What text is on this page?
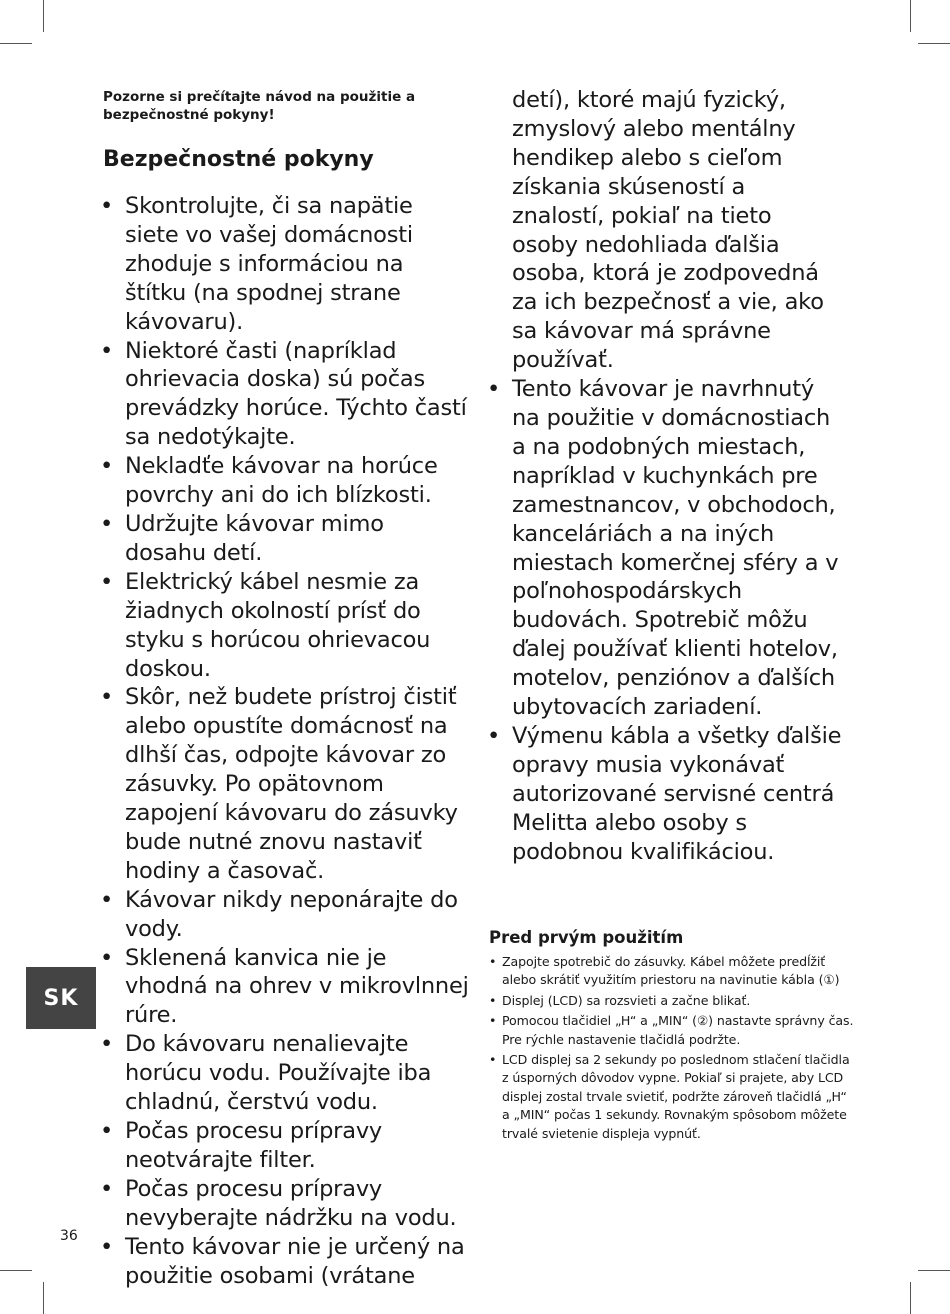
Pozorne si prečítajte návod na použitie a bezpečnostné pokyny!
Bezpečnostné pokyny
• Skontrolujte, či sa napätie siete vo vašej domácnosti zhoduje s informáciou na štítku (na spodnej strane kávovaru).
• Niektoré časti (napríklad ohrievacia doska) sú počas prevádzky horúce. Týchto častí sa nedotýkajte.
• Nekladťe kávovar na horúce povrchy ani do ich blízkosti.
• Udržujte kávovar mimo dosahu detí.
• Elektrický kábel nesmie za žiadnych okolností prísť do styku s horúcou ohrievacou doskou.
• Skôr, než budete prístroj čistiť alebo opustíte domácnosť na dlhší čas, odpojte kávovar zo zásuvky. Po opätovnom zapojení kávovaru do zásuvky bude nutné znovu nastaviť hodiny a časovač.
• Kávovar nikdy neponárajte do vody.
• Sklenená kanvica nie je vhodná na ohrev v mikrovlnnej rúre.
• Do kávovaru nenalievajte horúcu vodu. Používajte iba chladnú, čerstvú vodu.
• Počas procesu prípravy neotvárajte filter.
• Počas procesu prípravy nevyberajte nádržku na vodu.
• Tento kávovar nie je určený na použitie osobami (vrátane
detí), ktoré majú fyzický, zmyslový alebo mentálny hendikep alebo s cieľom získania skúseností a znalostí, pokiaľ na tieto osoby nedohliada ďalšia osoba, ktorá je zodpovedná za ich bezpečnosť a vie, ako sa kávovar má správne používať.
• Tento kávovar je navrhnutý na použitie v domácnostiach a na podobných miestach, napríklad v kuchynkách pre zamestnancov, v obchodoch, kanceláriách a na iných miestach komerčnej sféry a v poľnohospodárskych budovách. Spotrebič môžu ďalej používať klienti hotelov, motelov, penziónov a ďalších ubytovacích zariadení.
• Výmenu kábla a všetky ďalšie opravy musia vykonávať autorizované servisné centrá Melitta alebo osoby s podobnou kvalifikáciou.
SK
Pred prvým použitím
• Zapojte spotrebič do zásuvky. Kábel môžete predĺžiť alebo skrátiť využitím priestoru na navinutie kábla (①)
• Displej (LCD) sa rozsvieti a začne blikať.
• Pomocou tlačidiel „H“ a „MIN“ (②) nastavte správny čas. Pre rýchle nastavenie tlačidlá podržte.
• LCD displej sa 2 sekundy po poslednom stlačení tlačidla z úsporných dôvodov vypne. Pokiaľ si prajete, aby LCD displej zostal trvale svietiť, podržte zároveň tlačidlá „H“ a „MIN“ počas 1 sekundy. Rovnakým spôsobom môžete trvalé svietenie displeja vypnúť.
36
